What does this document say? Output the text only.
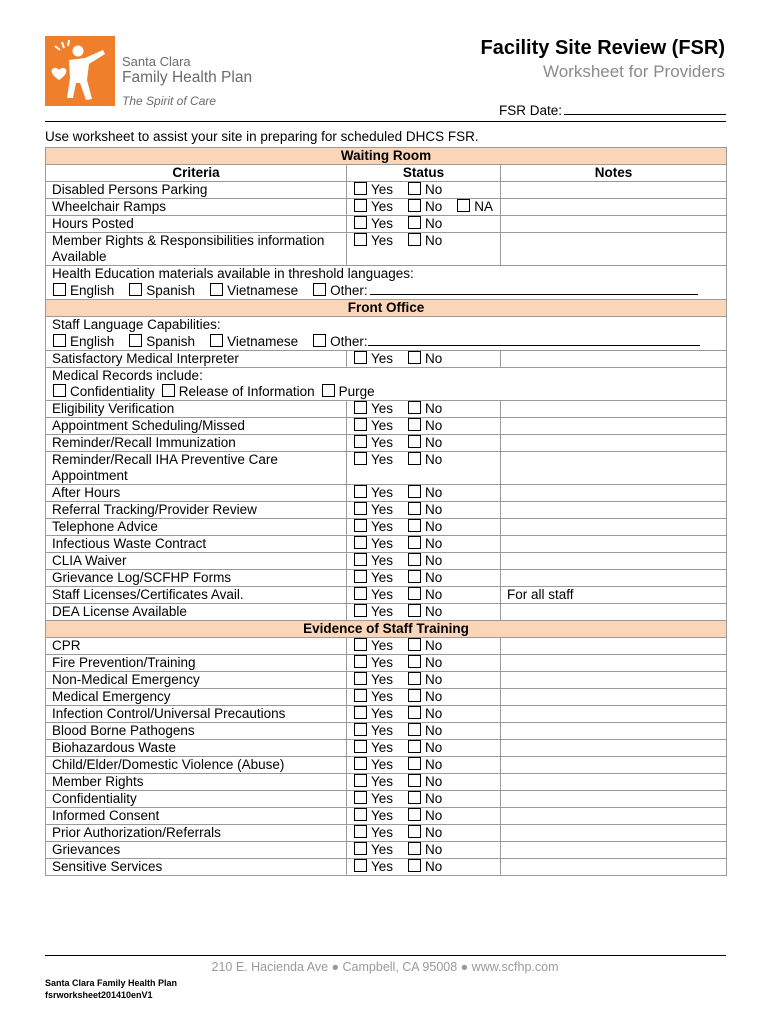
Santa Clara
Family Health Plan
The Spirit of Care
Facility Site Review (FSR)
Worksheet for Providers
FSR Date:
Use worksheet to assist your site in preparing for scheduled DHCS FSR.
Waiting Room		
Criteria	Status	Notes
Disabled Persons Parking	Yes No	
Wheelchair Ramps	Yes No NA	
Hours Posted	Yes No	

Member Rights & Responsibilities information
Available	Yes No	

Health Education materials available in threshold languages:
English Spanish Vietnamese Other:		

Front Office		

Staff Language Capabilities:
English Spanish Vietnamese Other:		

Satisfactory Medical Interpreter	Yes No	

Medical Records include:
Confidentiality Release of Information Purge		

Eligibility Verification	Yes No	
Appointment Scheduling/Missed	Yes No	
Reminder/Recall Immunization	Yes No	

Reminder/Recall IHA Preventive Care
Appointment	Yes No	
After Hours	Yes No	
Referral Tracking/Provider Review	Yes No	
Telephone Advice	Yes No	
Infectious Waste Contract	Yes No	
CLIA Waiver	Yes No	
Grievance Log/SCFHP Forms	Yes No	
Staff Licenses/Certificates Avail.	Yes No	For all staff
DEA License Available	Yes No	
Evidence of Staff Training		
CPR	Yes No	
Fire Prevention/Training	Yes No	
Non-Medical Emergency	Yes No	
Medical Emergency	Yes No	
Infection Control/Universal Precautions	Yes No	
Blood Borne Pathogens	Yes No	
Biohazardous Waste	Yes No	
Child/Elder/Domestic Violence (Abuse)	Yes No	
Member Rights	Yes No	
Confidentiality	Yes No	
Informed Consent	Yes No	
Prior Authorization/Referrals	Yes No	
Grievances	Yes No	
Sensitive Services	Yes No	
210 E. Hacienda Ave ● Campbell, CA 95008 ● www.scfhp.com
Santa Clara Family Health Plan
fsrworksheet201410enV1
